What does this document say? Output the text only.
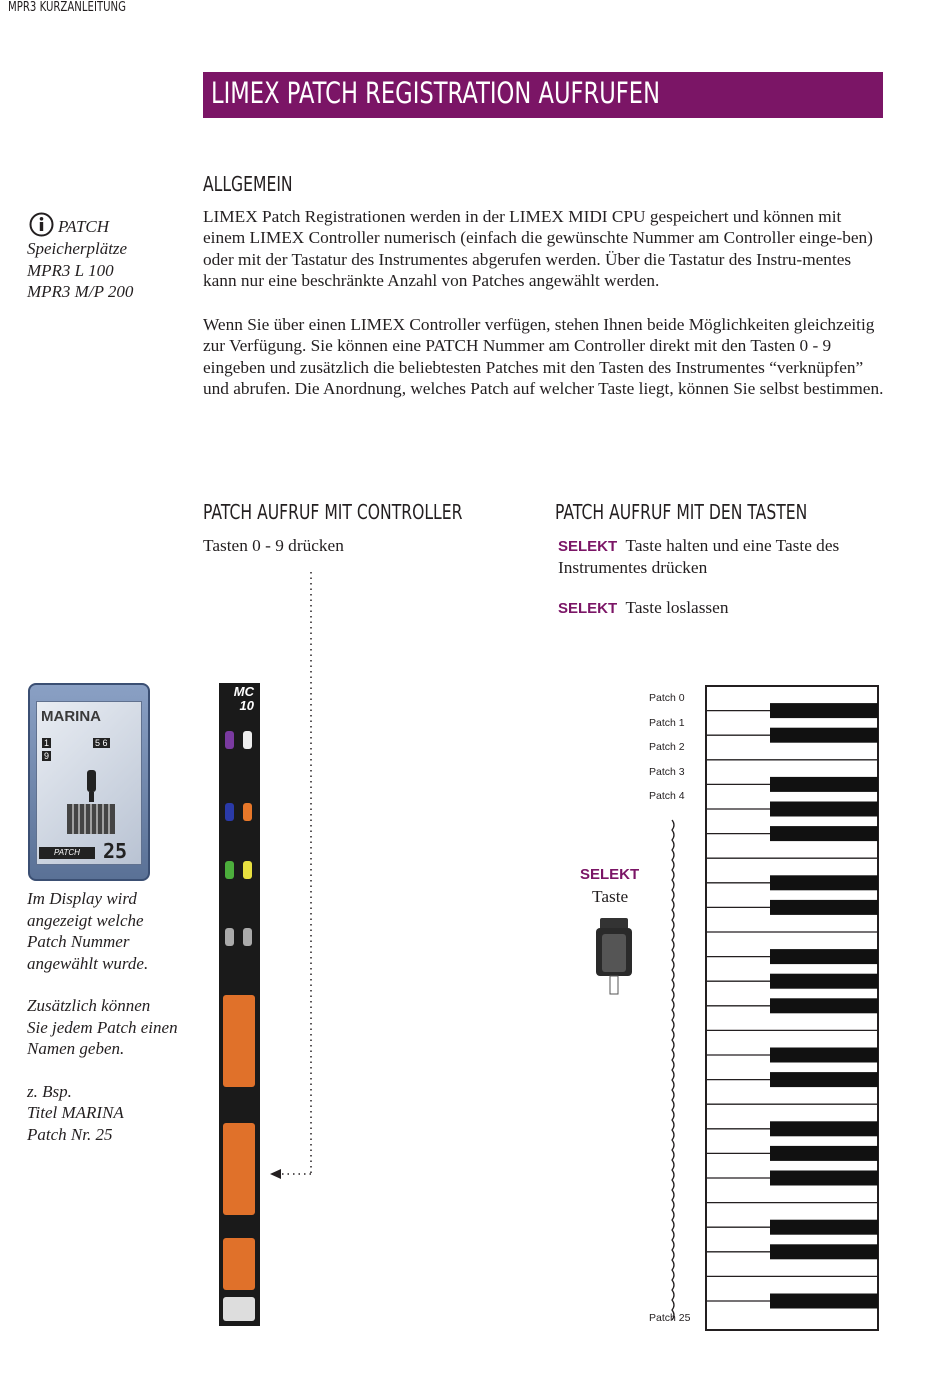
MPR3 KURZANLEITUNG
LIMEX PATCH REGISTRATION AUFRUFEN
ALLGEMEIN
LIMEX Patch Registrationen werden in der LIMEX MIDI CPU gespeichert und können mit einem LIMEX Controller numerisch (einfach die gewünschte Nummer am Controller einge-ben) oder mit der Tastatur des Instrumentes abgerufen werden. Über die Tastatur des Instru-mentes kann nur eine beschränkte Anzahl von Patches angewählt werden.
Wenn Sie über einen LIMEX Controller verfügen, stehen Ihnen beide Möglichkeiten gleichzeitig zur Verfügung. Sie können eine PATCH Nummer am Controller direkt mit den Tasten 0 - 9 eingeben und zusätzlich die beliebtesten Patches mit den Tasten des Instrumentes “verknüpfen” und abrufen. Die Anordnung, welches Patch auf welcher Taste liegt, können Sie selbst bestimmen.
PATCH
Speicherplätze
MPR3 L 100
MPR3 M/P 200
PATCH AUFRUF MIT CONTROLLER
Tasten 0 - 9 drücken
PATCH AUFRUF MIT DEN TASTEN
SELEKT Taste halten und eine Taste des Instrumentes drücken
SELEKT Taste loslassen
MARINA
1
9
5 6
PATCH	25
Im Display wird
angezeigt welche
Patch Nummer
angewählt wurde.
Zusätzlich können
Sie jedem Patch einen
Namen geben.
z. Bsp.
Titel MARINA
Patch Nr. 25
MC 10
SELEKT
Taste
Patch 0
Patch 1
Patch 2
Patch 3
Patch 4
Patch 25
